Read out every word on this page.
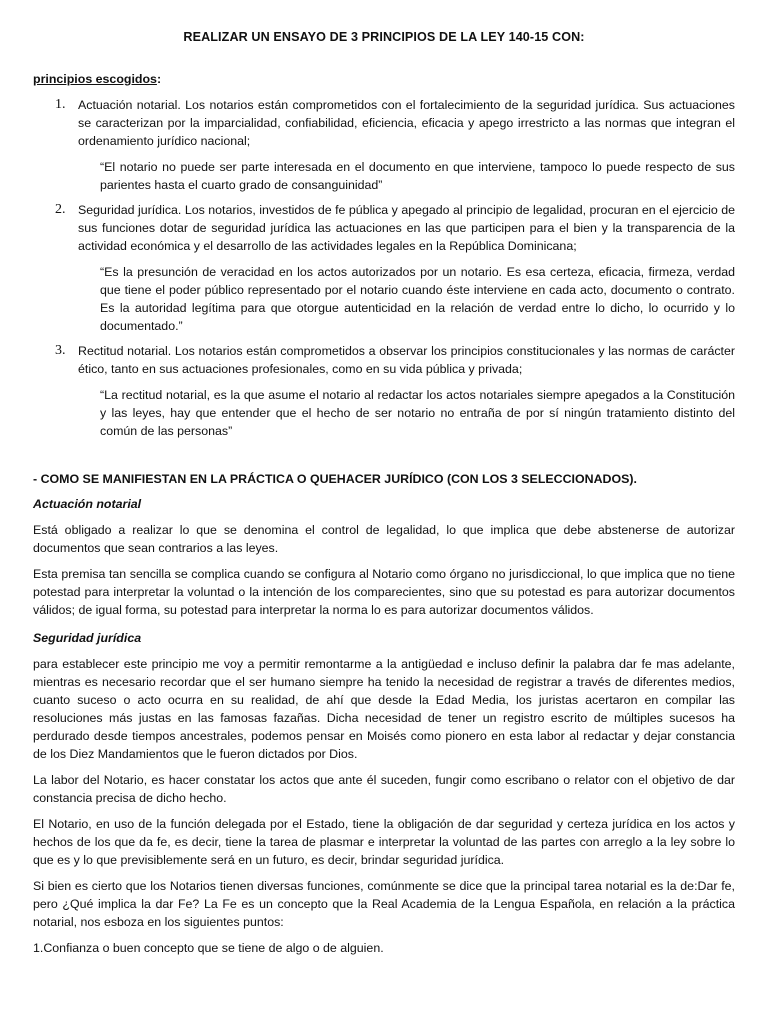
REALIZAR UN ENSAYO DE 3 PRINCIPIOS DE LA LEY 140-15 CON:
principios escogidos:
1. Actuación notarial. Los notarios están comprometidos con el fortalecimiento de la seguridad jurídica. Sus actuaciones se caracterizan por la imparcialidad, confiabilidad, eficiencia, eficacia y apego irrestricto a las normas que integran el ordenamiento jurídico nacional;
“El notario no puede ser parte interesada en el documento en que interviene, tampoco lo puede respecto de sus parientes hasta el cuarto grado de consanguinidad”
2. Seguridad jurídica. Los notarios, investidos de fe pública y apegado al principio de legalidad, procuran en el ejercicio de sus funciones dotar de seguridad jurídica las actuaciones en las que participen para el bien y la transparencia de la actividad económica y el desarrollo de las actividades legales en la República Dominicana;
“Es la presunción de veracidad en los actos autorizados por un notario. Es esa certeza, eficacia, firmeza, verdad que tiene el poder público representado por el notario cuando éste interviene en cada acto, documento o contrato. Es la autoridad legítima para que otorgue autenticidad en la relación de verdad entre lo dicho, lo ocurrido y lo documentado.”
3. Rectitud notarial. Los notarios están comprometidos a observar los principios constitucionales y las normas de carácter ético, tanto en sus actuaciones profesionales, como en su vida pública y privada;
“La rectitud notarial, es la que asume el notario al redactar los actos notariales siempre apegados a la Constitución y las leyes, hay que entender que el hecho de ser notario no entraña de por sí ningún tratamiento distinto del común de las personas”
- COMO SE MANIFIESTAN EN LA PRÁCTICA O QUEHACER JURÍDICO (CON LOS 3 SELECCIONADOS).
Actuación notarial

Está obligado a realizar lo que se denomina el control de legalidad, lo que implica que debe abstenerse de autorizar documentos que sean contrarios a las leyes.

Esta premisa tan sencilla se complica cuando se configura al Notario como órgano no jurisdiccional, lo que implica que no tiene potestad para interpretar la voluntad o la intención de los comparecientes, sino que su potestad es para autorizar documentos válidos; de igual forma, su potestad para interpretar la norma lo es para autorizar documentos válidos.

Seguridad jurídica

para establecer este principio me voy a permitir remontarme a la antigüedad e incluso definir la palabra dar fe mas adelante, mientras es necesario recordar que el ser humano siempre ha tenido la necesidad de registrar a través de diferentes medios, cuanto suceso o acto ocurra en su realidad, de ahí que desde la Edad Media, los juristas acertaron en compilar las resoluciones más justas en las famosas fazañas. Dicha necesidad de tener un registro escrito de múltiples sucesos ha perdurado desde tiempos ancestrales, podemos pensar en Moisés como pionero en esta labor al redactar y dejar constancia de los Diez Mandamientos que le fueron dictados por Dios.

La labor del Notario, es hacer constatar los actos que ante él suceden, fungir como escribano o relator con el objetivo de dar constancia precisa de dicho hecho.

El Notario, en uso de la función delegada por el Estado, tiene la obligación de dar seguridad y certeza jurídica en los actos y hechos de los que da fe, es decir, tiene la tarea de plasmar e interpretar la voluntad de las partes con arreglo a la ley sobre lo que es y lo que previsiblemente será en un futuro, es decir, brindar seguridad jurídica.

Si bien es cierto que los Notarios tienen diversas funciones, comúnmente se dice que la principal tarea notarial es la de:Dar fe, pero ¿Qué implica la dar Fe? La Fe es un concepto que la Real Academia de la Lengua Española, en relación a la práctica notarial, nos esboza en los siguientes puntos:

1.Confianza o buen concepto que se tiene de algo o de alguien.
